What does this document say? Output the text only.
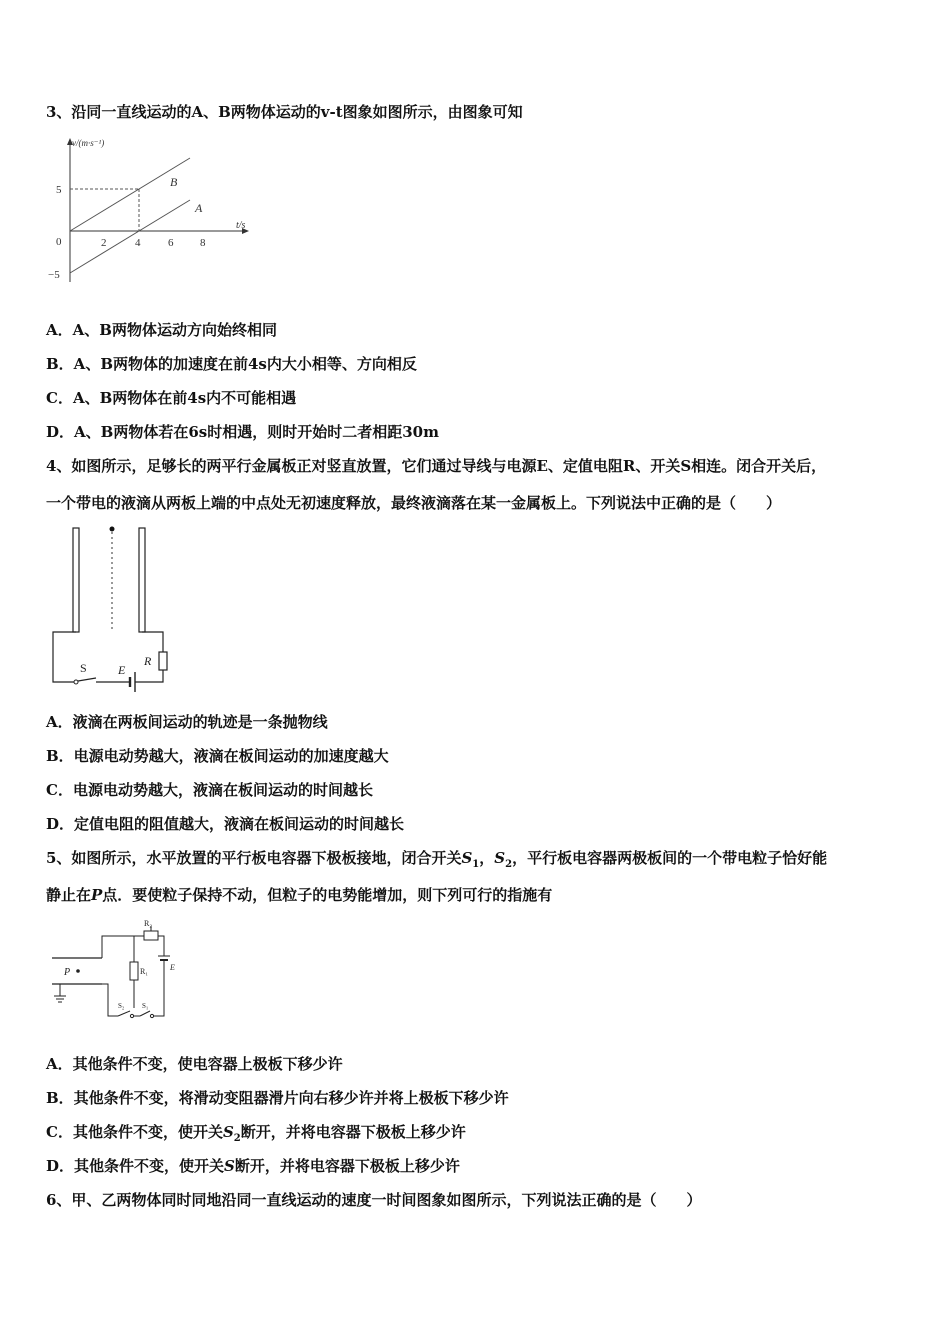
3、沿同一直线运动的A、B两物体运动的v-t图象如图所示，由图象可知
v/(m·s⁻¹)
t/s
B
A
5
0
−5
2	4	6 8
A．A、B两物体运动方向始终相同
B．A、B两物体的加速度在前4s内大小相等、方向相反
C．A、B两物体在前4s内不可能相遇
D．A、B两物体若在6s时相遇，则时开始时二者相距30m
4、如图所示，足够长的两平行金属板正对竖直放置，它们通过导线与电源E、定值电阻R、开关S相连。闭合开关后，
一个带电的液滴从两板上端的中点处无初速度释放，最终液滴落在某一金属板上。下列说法中正确的是（　　）
S	E
R
A．液滴在两板间运动的轨迹是一条抛物线
B．电源电动势越大，液滴在板间运动的加速度越大
C．电源电动势越大，液滴在板间运动的时间越长
D．定值电阻的阻值越大，液滴在板间运动的时间越长
5、如图所示，水平放置的平行板电容器下极板接地，闭合开关$S_1$，$S_2$，平行板电容器两极板间的一个带电粒子恰好能
静止在P点．要使粒子保持不动，但粒子的电势能增加，则下列可行的指施有
P
R₂
E
R₁
S₂	S₁
A．其他条件不变，使电容器上极板下移少许
B．其他条件不变，将滑动变阻器滑片向右移少许并将上极板下移少许
C．其他条件不变，使开关$S_2$断开，并将电容器下极板上移少许
D．其他条件不变，使开关S断开，并将电容器下极板上移少许
6、甲、乙两物体同时同地沿同一直线运动的速度一时间图象如图所示，下列说法正确的是（　　）
